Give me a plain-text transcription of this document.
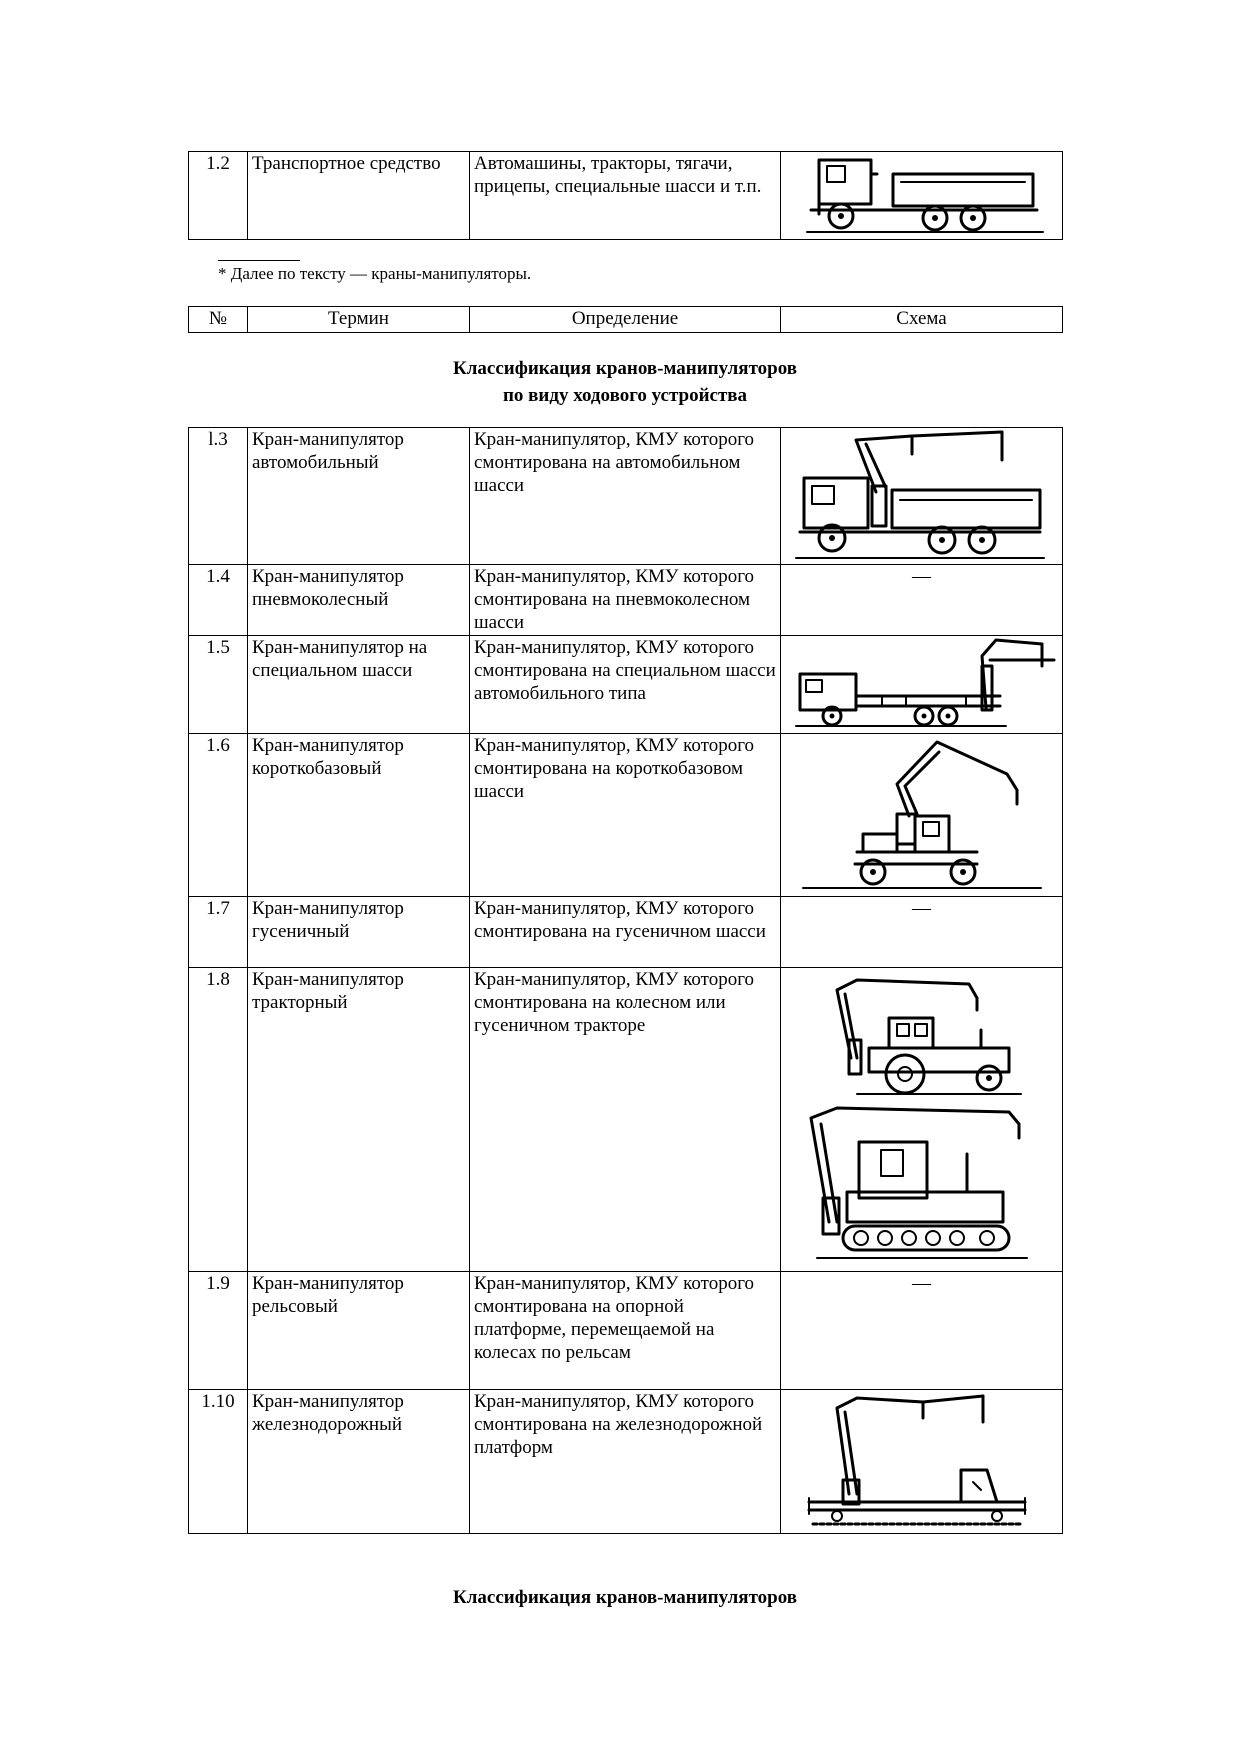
1.2	Транспортное средство	Автомашины, тракторы, тягачи, прицепы, специальные шасси и т.п.	
* Далее по тексту — краны-манипуляторы.
№	Термин	Определение	Схема
Классификация кранов-манипуляторов
по виду ходового устройства
l.3	Кран-манипулятор автомобильный	Кран-манипулятор, КМУ которого смонтирована на автомобильном шасси	

1.4	Кран-манипулятор пневмоколесный	Кран-манипулятор, КМУ которого смонтирована на пневмоколесном шасси	—
1.5	Кран-манипулятор на специальном шасси	Кран-манипулятор, КМУ которого смонтирована на специальном шасси автомобильного типа	

1.6	Кран-манипулятор короткобазовый	Кран-манипулятор, КМУ которого смонтирована на короткобазовом шасси	

1.7	Кран-манипулятор гусеничный	Кран-манипулятор, КМУ которого смонтирована на гусеничном шасси	—
1.8	Кран-манипулятор тракторный	Кран-манипулятор, КМУ которого смонтирована на колесном или гусеничном тракторе	

1.9	Кран-манипулятор рельсовый	Кран-манипулятор, КМУ которого смонтирована на опорной платформе, перемещаемой на колесах по рельсам	—
1.10	Кран-манипулятор железнодорожный	Кран-манипулятор, КМУ которого смонтирована на железнодорожной платформ	
Классификация кранов-манипуляторов
